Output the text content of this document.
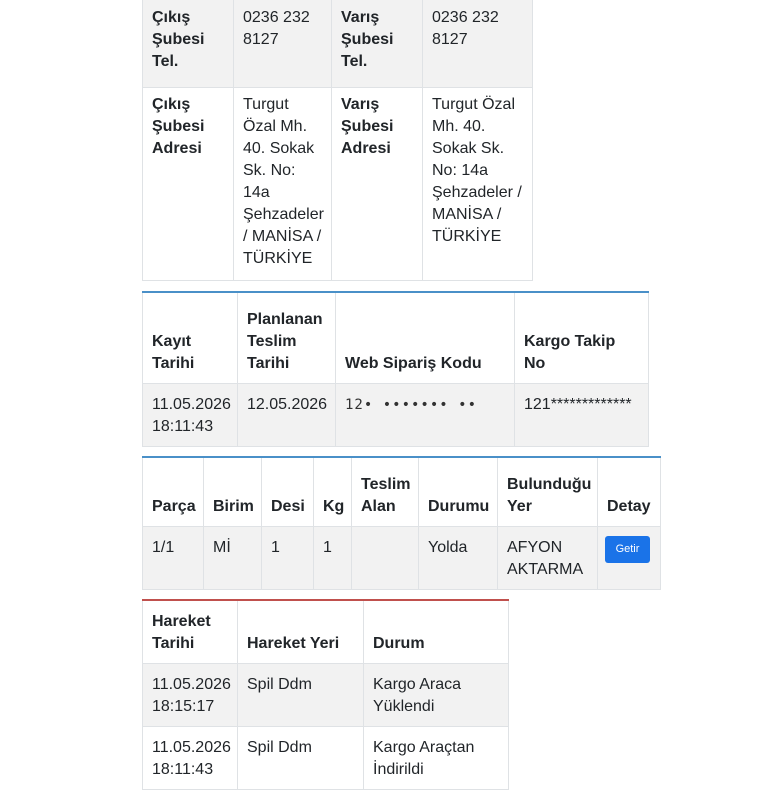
Çıkış Şubesi Tel.	0236 232 8127	Varış Şubesi Tel.	0236 232 8127
Çıkış Şubesi Adresi	Turgut Özal Mh. 40. Sokak Sk. No: 14a Şehzadeler / MANİSA / TÜRKİYE	Varış Şubesi Adresi	Turgut Özal Mh. 40. Sokak Sk. No: 14a Şehzadeler / MANİSA / TÜRKİYE
Kayıt Tarihi	Planlanan Teslim Tarihi	Web Sipariş Kodu	Kargo Takip No
11.05.2026 18:11:43	12.05.2026	12• ••••••• ••	121*************
Parça	Birim	Desi	Kg	Teslim Alan	Durumu	Bulunduğu Yer	Detay
1/1	Mİ	1	1		Yolda	AFYON AKTARMA	Getir
Hareket Tarihi	Hareket Yeri	Durum
11.05.2026 18:15:17	Spil Ddm	Kargo Araca Yüklendi
11.05.2026 18:11:43	Spil Ddm	Kargo Araçtan İndirildi
